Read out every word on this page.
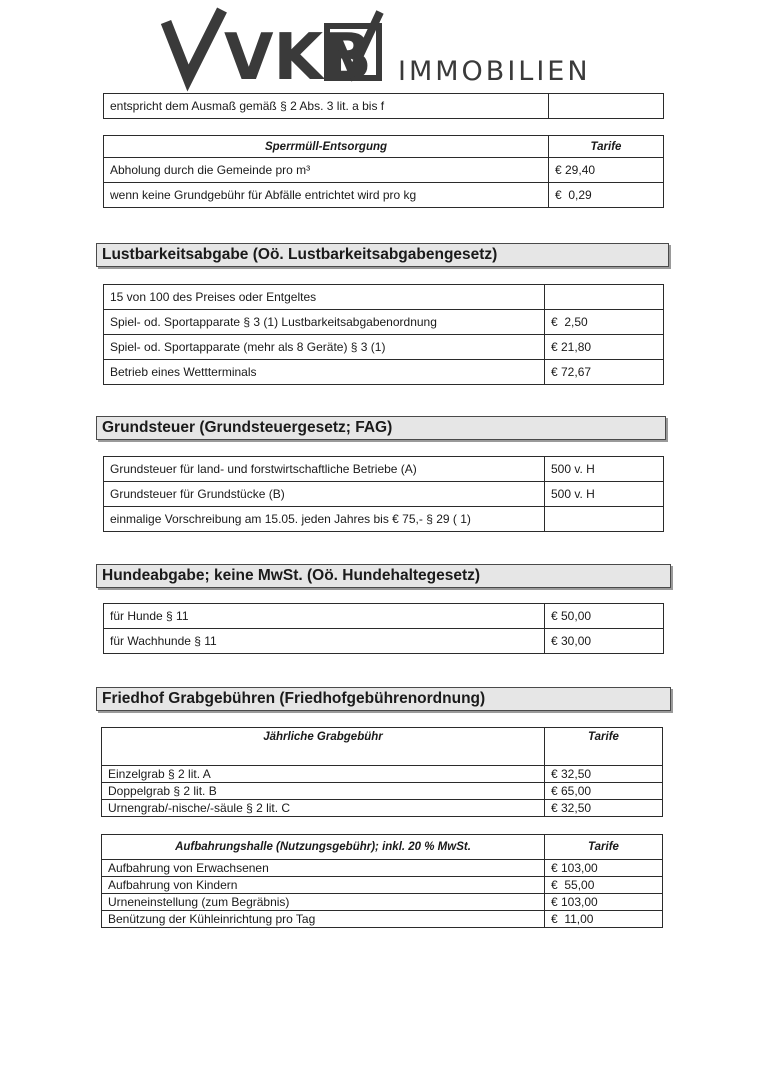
VKB IMMOBILIEN
entspricht dem Ausmaß gemäß § 2 Abs. 3 lit. a bis f	
Sperrmüll-Entsorgung	Tarife
Abholung durch die Gemeinde pro m³	€ 29,40
wenn keine Grundgebühr für Abfälle entrichtet wird pro kg	€  0,29
Lustbarkeitsabgabe (Oö. Lustbarkeitsabgabengesetz)
15 von 100 des Preises oder Entgeltes	
Spiel- od. Sportapparate § 3 (1) Lustbarkeitsabgabenordnung	€  2,50
Spiel- od. Sportapparate (mehr als 8 Geräte) § 3 (1)	€ 21,80
Betrieb eines Wettterminals	€ 72,67
Grundsteuer (Grundsteuergesetz; FAG)
Grundsteuer für land- und forstwirtschaftliche Betriebe (A)	500 v. H
Grundsteuer für Grundstücke (B)	500 v. H
einmalige Vorschreibung am 15.05. jeden Jahres bis € 75,- § 29 ( 1)	
Hundeabgabe; keine MwSt. (Oö. Hundehaltegesetz)
für Hunde § 11	€ 50,00
für Wachhunde § 11	€ 30,00
Friedhof Grabgebühren (Friedhofgebührenordnung)
Jährliche Grabgebühr	Tarife
Einzelgrab § 2 lit. A	€ 32,50
Doppelgrab § 2 lit. B	€ 65,00
Urnengrab/-nische/-säule § 2 lit. C	€ 32,50
Aufbahrungshalle (Nutzungsgebühr); inkl. 20 % MwSt.	Tarife
Aufbahrung von Erwachsenen	€ 103,00
Aufbahrung von Kindern	€  55,00
Urneneinstellung (zum Begräbnis)	€ 103,00
Benützung der Kühleinrichtung pro Tag	€  11,00
